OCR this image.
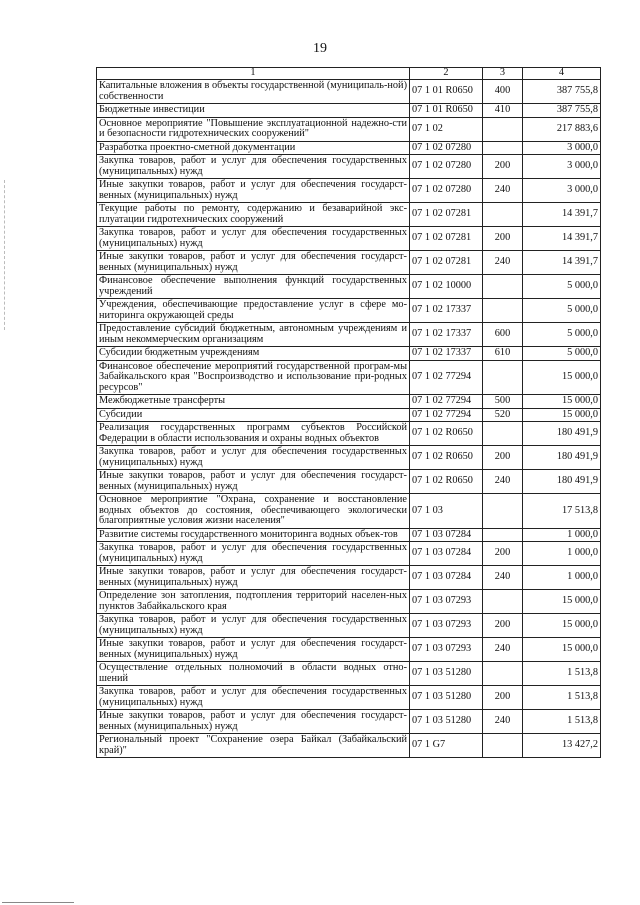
19
1	2	3	4
Капитальные вложения в объекты государственной (муниципаль-ной) собственности	07 1 01 R0650	400	387 755,8
Бюджетные инвестиции	07 1 01 R0650	410	387 755,8
Основное мероприятие "Повышение эксплуатационной надежно-сти и безопасности гидротехнических сооружений"	07 1 02		217 883,6
Разработка проектно-сметной документации	07 1 02 07280		3 000,0
Закупка товаров, работ и услуг для обеспечения государственных (муниципальных) нужд	07 1 02 07280	200	3 000,0
Иные закупки товаров, работ и услуг для обеспечения государст-венных (муниципальных) нужд	07 1 02 07280	240	3 000,0
Текущие работы по ремонту, содержанию и безаварийной экс-плуатации гидротехнических сооружений	07 1 02 07281		14 391,7
Закупка товаров, работ и услуг для обеспечения государственных (муниципальных) нужд	07 1 02 07281	200	14 391,7
Иные закупки товаров, работ и услуг для обеспечения государст-венных (муниципальных) нужд	07 1 02 07281	240	14 391,7
Финансовое обеспечение выполнения функций государственных учреждений	07 1 02 10000		5 000,0
Учреждения, обеспечивающие предоставление услуг в сфере мо-ниторинга окружающей среды	07 1 02 17337		5 000,0
Предоставление субсидий бюджетным, автономным учреждениям и иным некоммерческим организациям	07 1 02 17337	600	5 000,0
Субсидии бюджетным учреждениям	07 1 02 17337	610	5 000,0
Финансовое обеспечение мероприятий государственной програм-мы Забайкальского края "Воспроизводство и использование при-родных ресурсов"	07 1 02 77294		15 000,0
Межбюджетные трансферты	07 1 02 77294	500	15 000,0
Субсидии	07 1 02 77294	520	15 000,0
Реализация государственных программ субъектов Российской Федерации в области использования и охраны водных объектов	07 1 02 R0650		180 491,9
Закупка товаров, работ и услуг для обеспечения государственных (муниципальных) нужд	07 1 02 R0650	200	180 491,9
Иные закупки товаров, работ и услуг для обеспечения государст-венных (муниципальных) нужд	07 1 02 R0650	240	180 491,9
Основное мероприятие "Охрана, сохранение и восстановление водных объектов до состояния, обеспечивающего экологически благоприятные условия жизни населения"	07 1 03		17 513,8
Развитие системы государственного мониторинга водных объек-тов	07 1 03 07284		1 000,0
Закупка товаров, работ и услуг для обеспечения государственных (муниципальных) нужд	07 1 03 07284	200	1 000,0
Иные закупки товаров, работ и услуг для обеспечения государст-венных (муниципальных) нужд	07 1 03 07284	240	1 000,0
Определение зон затопления, подтопления территорий населен-ных пунктов Забайкальского края	07 1 03 07293		15 000,0
Закупка товаров, работ и услуг для обеспечения государственных (муниципальных) нужд	07 1 03 07293	200	15 000,0
Иные закупки товаров, работ и услуг для обеспечения государст-венных (муниципальных) нужд	07 1 03 07293	240	15 000,0
Осуществление отдельных полномочий в области водных отно-шений	07 1 03 51280		1 513,8
Закупка товаров, работ и услуг для обеспечения государственных (муниципальных) нужд	07 1 03 51280	200	1 513,8
Иные закупки товаров, работ и услуг для обеспечения государст-венных (муниципальных) нужд	07 1 03 51280	240	1 513,8
Региональный проект "Сохранение озера Байкал (Забайкальский край)"	07 1 G7		13 427,2
